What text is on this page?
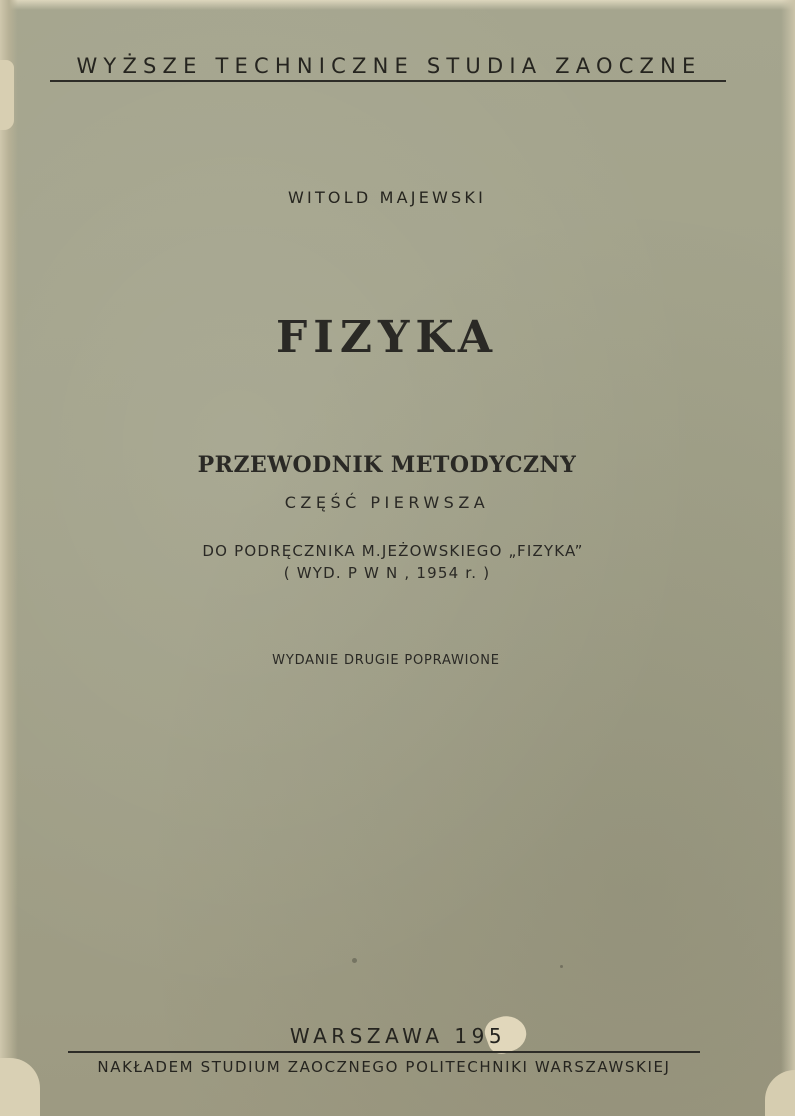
WYŻSZE TECHNICZNE STUDIA ZAOCZNE
WITOLD MAJEWSKI
FIZYKA
PRZEWODNIK METODYCZNY
CZĘŚĆ PIERWSZA
DO PODRĘCZNIKA M.JEŻOWSKIEGO „FIZYKA”
( WYD. P W N , 1954 r. )
WYDANIE DRUGIE POPRAWIONE
WARSZAWA 195
NAKŁADEM STUDIUM ZAOCZNEGO POLITECHNIKI WARSZAWSKIEJ
